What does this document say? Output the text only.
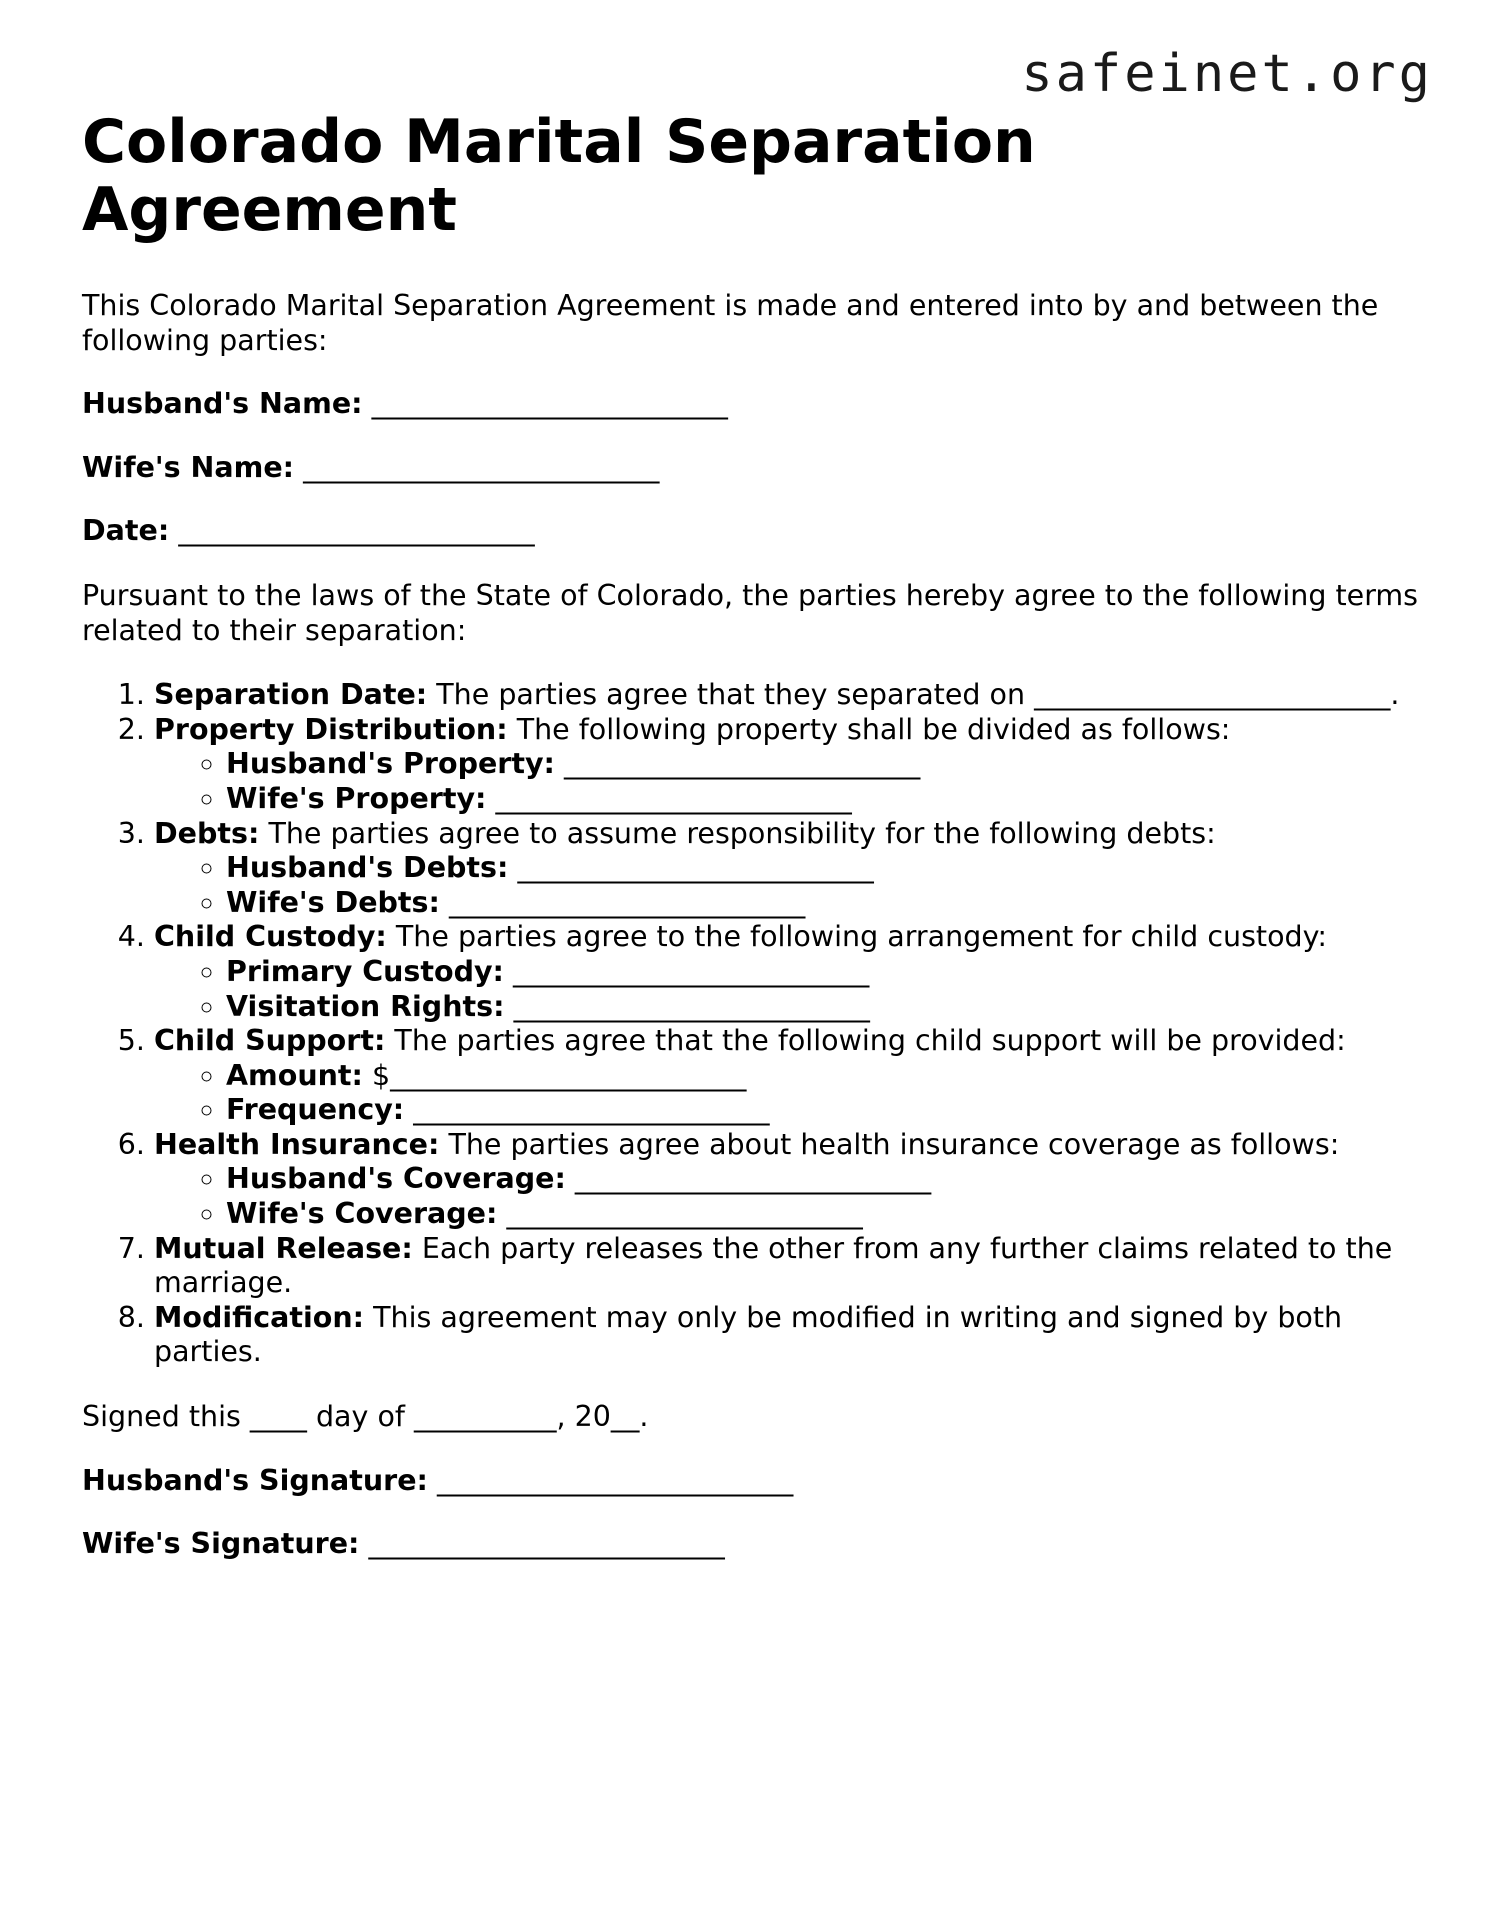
safeinet.org
Colorado Marital Separation Agreement

This Colorado Marital Separation Agreement is made and entered into by and between the following parties:

Husband's Name: _________________________

Wife's Name: _________________________

Date: _________________________

Pursuant to the laws of the State of Colorado, the parties hereby agree to the following terms related to their separation:

1. Separation Date: The parties agree that they separated on _________________________.
2. Property Distribution: The following property shall be divided as follows:
◦ Husband's Property: _________________________
◦ Wife's Property: _________________________
3. Debts: The parties agree to assume responsibility for the following debts:
◦ Husband's Debts: _________________________
◦ Wife's Debts: _________________________
4. Child Custody: The parties agree to the following arrangement for child custody:
◦ Primary Custody: _________________________
◦ Visitation Rights: _________________________
5. Child Support: The parties agree that the following child support will be provided:
◦ Amount: $_________________________
◦ Frequency: _________________________
6. Health Insurance: The parties agree about health insurance coverage as follows:
◦ Husband's Coverage: _________________________
◦ Wife's Coverage: _________________________
7. Mutual Release: Each party releases the other from any further claims related to the marriage.
8. Modification: This agreement may only be modified in writing and signed by both parties.

Signed this ____ day of __________, 20__.

Husband's Signature: _________________________

Wife's Signature: _________________________
